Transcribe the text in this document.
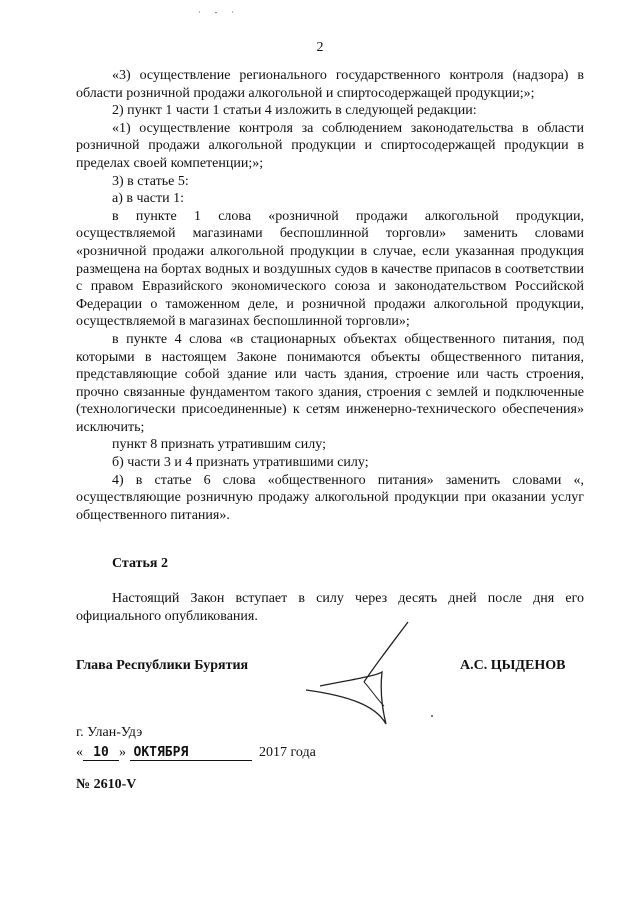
· - ·
2

«3) осуществление регионального государственного контроля (надзора) в области розничной продажи алкогольной и спиртосодержащей продукции;»;

2) пункт 1 части 1 статьи 4 изложить в следующей редакции:

«1) осуществление контроля за соблюдением законодательства в области розничной продажи алкогольной продукции и спиртосодержащей продукции в пределах своей компетенции;»;

3) в статье 5:

а) в части 1:

в пункте 1 слова «розничной продажи алкогольной продукции, осуществляемой магазинами беспошлинной торговли» заменить словами «розничной продажи алкогольной продукции в случае, если указанная продукция размещена на бортах водных и воздушных судов в качестве припасов в соответствии с правом Евразийского экономического союза и законодательством Российской Федерации о таможенном деле, и розничной продажи алкогольной продукции, осуществляемой в магазинах беспошлинной торговли»;

в пункте 4 слова «в стационарных объектах общественного питания, под которыми в настоящем Законе понимаются объекты общественного питания, представляющие собой здание или часть здания, строение или часть строения, прочно связанные фундаментом такого здания, строения с землей и подключенные (технологически присоединенные) к сетям инженерно-технического обеспечения» исключить;

пункт 8 признать утратившим силу;

б) части 3 и 4 признать утратившими силу;

4) в статье 6 слова «общественного питания» заменить словами «, осуществляющие розничную продажу алкогольной продукции при оказании услуг общественного питания».

Статья 2

Настоящий Закон вступает в силу через десять дней после дня его официального опубликования.

Глава Республики Бурятия	А.С. ЦЫДЕНОВ
г. Улан-Удэ
« 10 » ОКТЯБРЯ	2017 года
№ 2610-V
